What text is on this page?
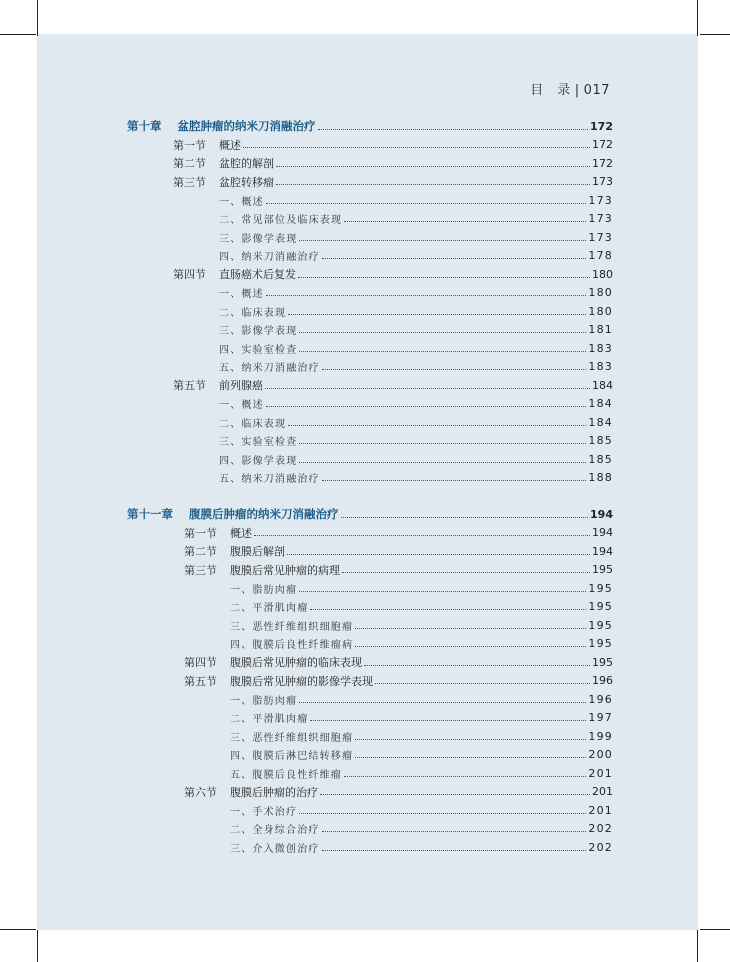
目　录 | 017
第十章 盆腔肿瘤的纳米刀消融治疗	172
第一节 概述	172
第二节 盆腔的解剖	172
第三节 盆腔转移瘤	173
一、概述	173
二、常见部位及临床表现	173
三、影像学表现	173
四、纳米刀消融治疗	178
第四节 直肠癌术后复发	180
一、概述	180
二、临床表现	180
三、影像学表现	181
四、实验室检查	183
五、纳米刀消融治疗	183
第五节 前列腺癌	184
一、概述	184
二、临床表现	184
三、实验室检查	185
四、影像学表现	185
五、纳米刀消融治疗	188
第十一章 腹膜后肿瘤的纳米刀消融治疗	194
第一节 概述	194
第二节 腹膜后解剖	194
第三节 腹膜后常见肿瘤的病理	195
一、脂肪肉瘤	195
二、平滑肌肉瘤	195
三、恶性纤维组织细胞瘤	195
四、腹膜后良性纤维瘤病	195
第四节 腹膜后常见肿瘤的临床表现	195
第五节 腹膜后常见肿瘤的影像学表现	196
一、脂肪肉瘤	196
二、平滑肌肉瘤	197
三、恶性纤维组织细胞瘤	199
四、腹膜后淋巴结转移瘤	200
五、腹膜后良性纤维瘤	201
第六节 腹膜后肿瘤的治疗	201
一、手术治疗	201
二、全身综合治疗	202
三、介入微创治疗	202
